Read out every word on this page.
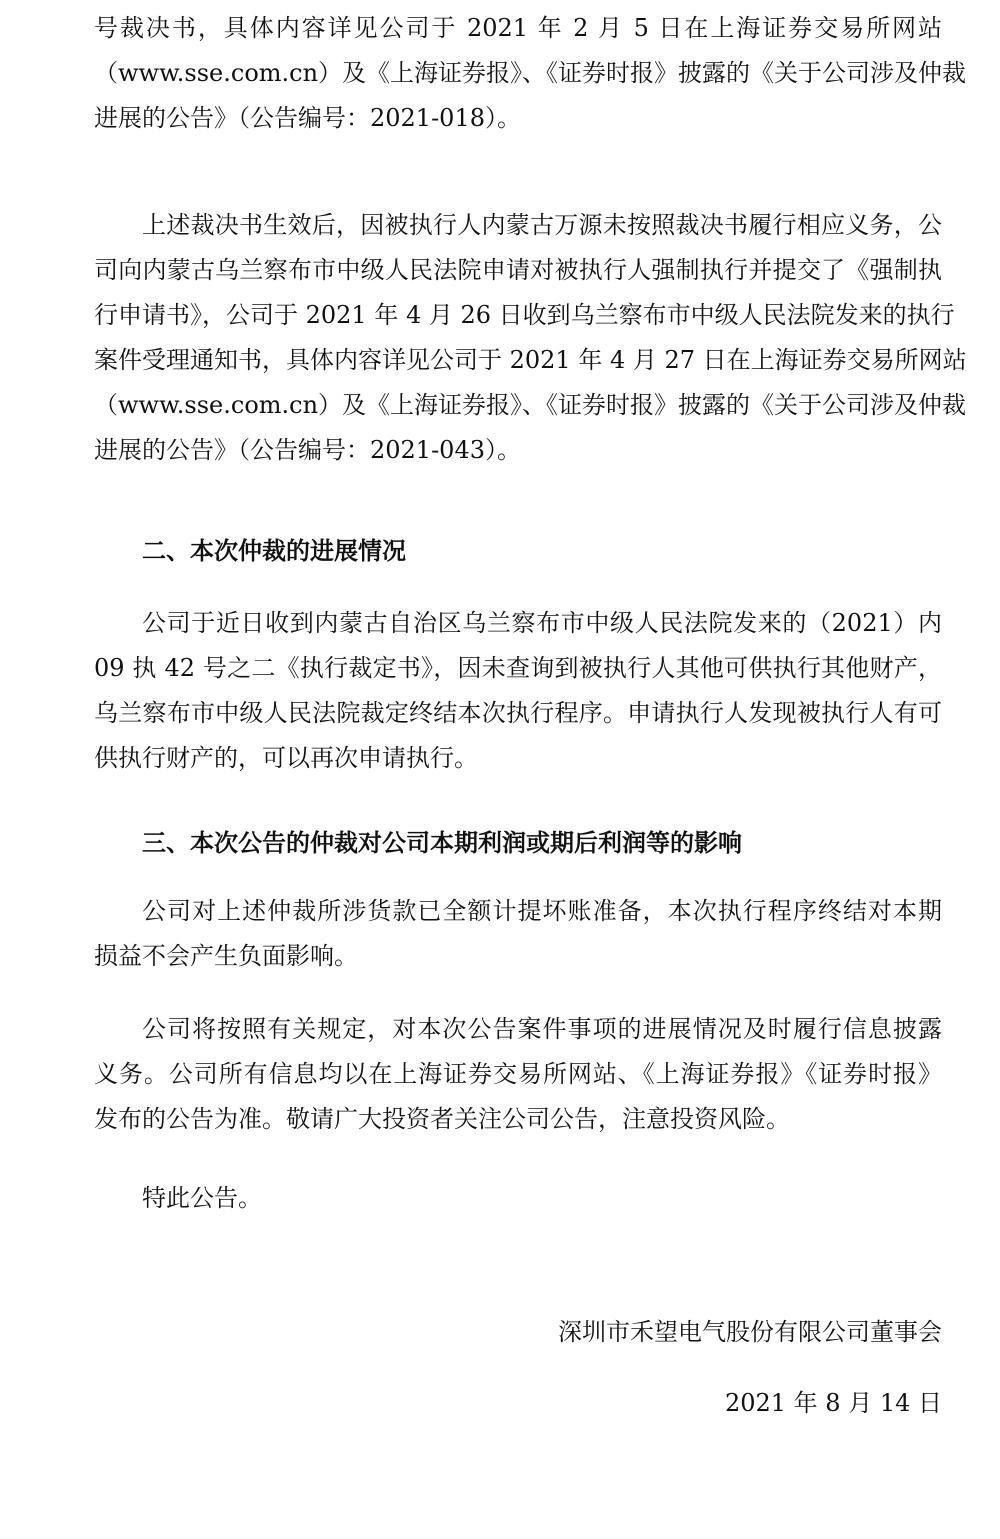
号裁决书，具体内容详见公司于 2021 年 2 月 5 日在上海证券交易所网站
（www.sse.com.cn）及《上海证券报》、《证券时报》披露的《关于公司涉及仲裁
进展的公告》（公告编号：2021-018）。
上述裁决书生效后，因被执行人内蒙古万源未按照裁决书履行相应义务，公
司向内蒙古乌兰察布市中级人民法院申请对被执行人强制执行并提交了《强制执
行申请书》，公司于 2021 年 4 月 26 日收到乌兰察布市中级人民法院发来的执行
案件受理通知书，具体内容详见公司于 2021 年 4 月 27 日在上海证券交易所网站
（www.sse.com.cn）及《上海证券报》、《证券时报》披露的《关于公司涉及仲裁
进展的公告》（公告编号：2021-043）。
二、本次仲裁的进展情况
公司于近日收到内蒙古自治区乌兰察布市中级人民法院发来的（2021）内
09 执 42 号之二《执行裁定书》，因未查询到被执行人其他可供执行其他财产，
乌兰察布市中级人民法院裁定终结本次执行程序。申请执行人发现被执行人有可
供执行财产的，可以再次申请执行。
三、本次公告的仲裁对公司本期利润或期后利润等的影响
公司对上述仲裁所涉货款已全额计提坏账准备，本次执行程序终结对本期
损益不会产生负面影响。
公司将按照有关规定，对本次公告案件事项的进展情况及时履行信息披露
义务。公司所有信息均以在上海证券交易所网站、《上海证券报》《证券时报》
发布的公告为准。敬请广大投资者关注公司公告，注意投资风险。
特此公告。
深圳市禾望电气股份有限公司董事会
2021 年 8 月 14 日
